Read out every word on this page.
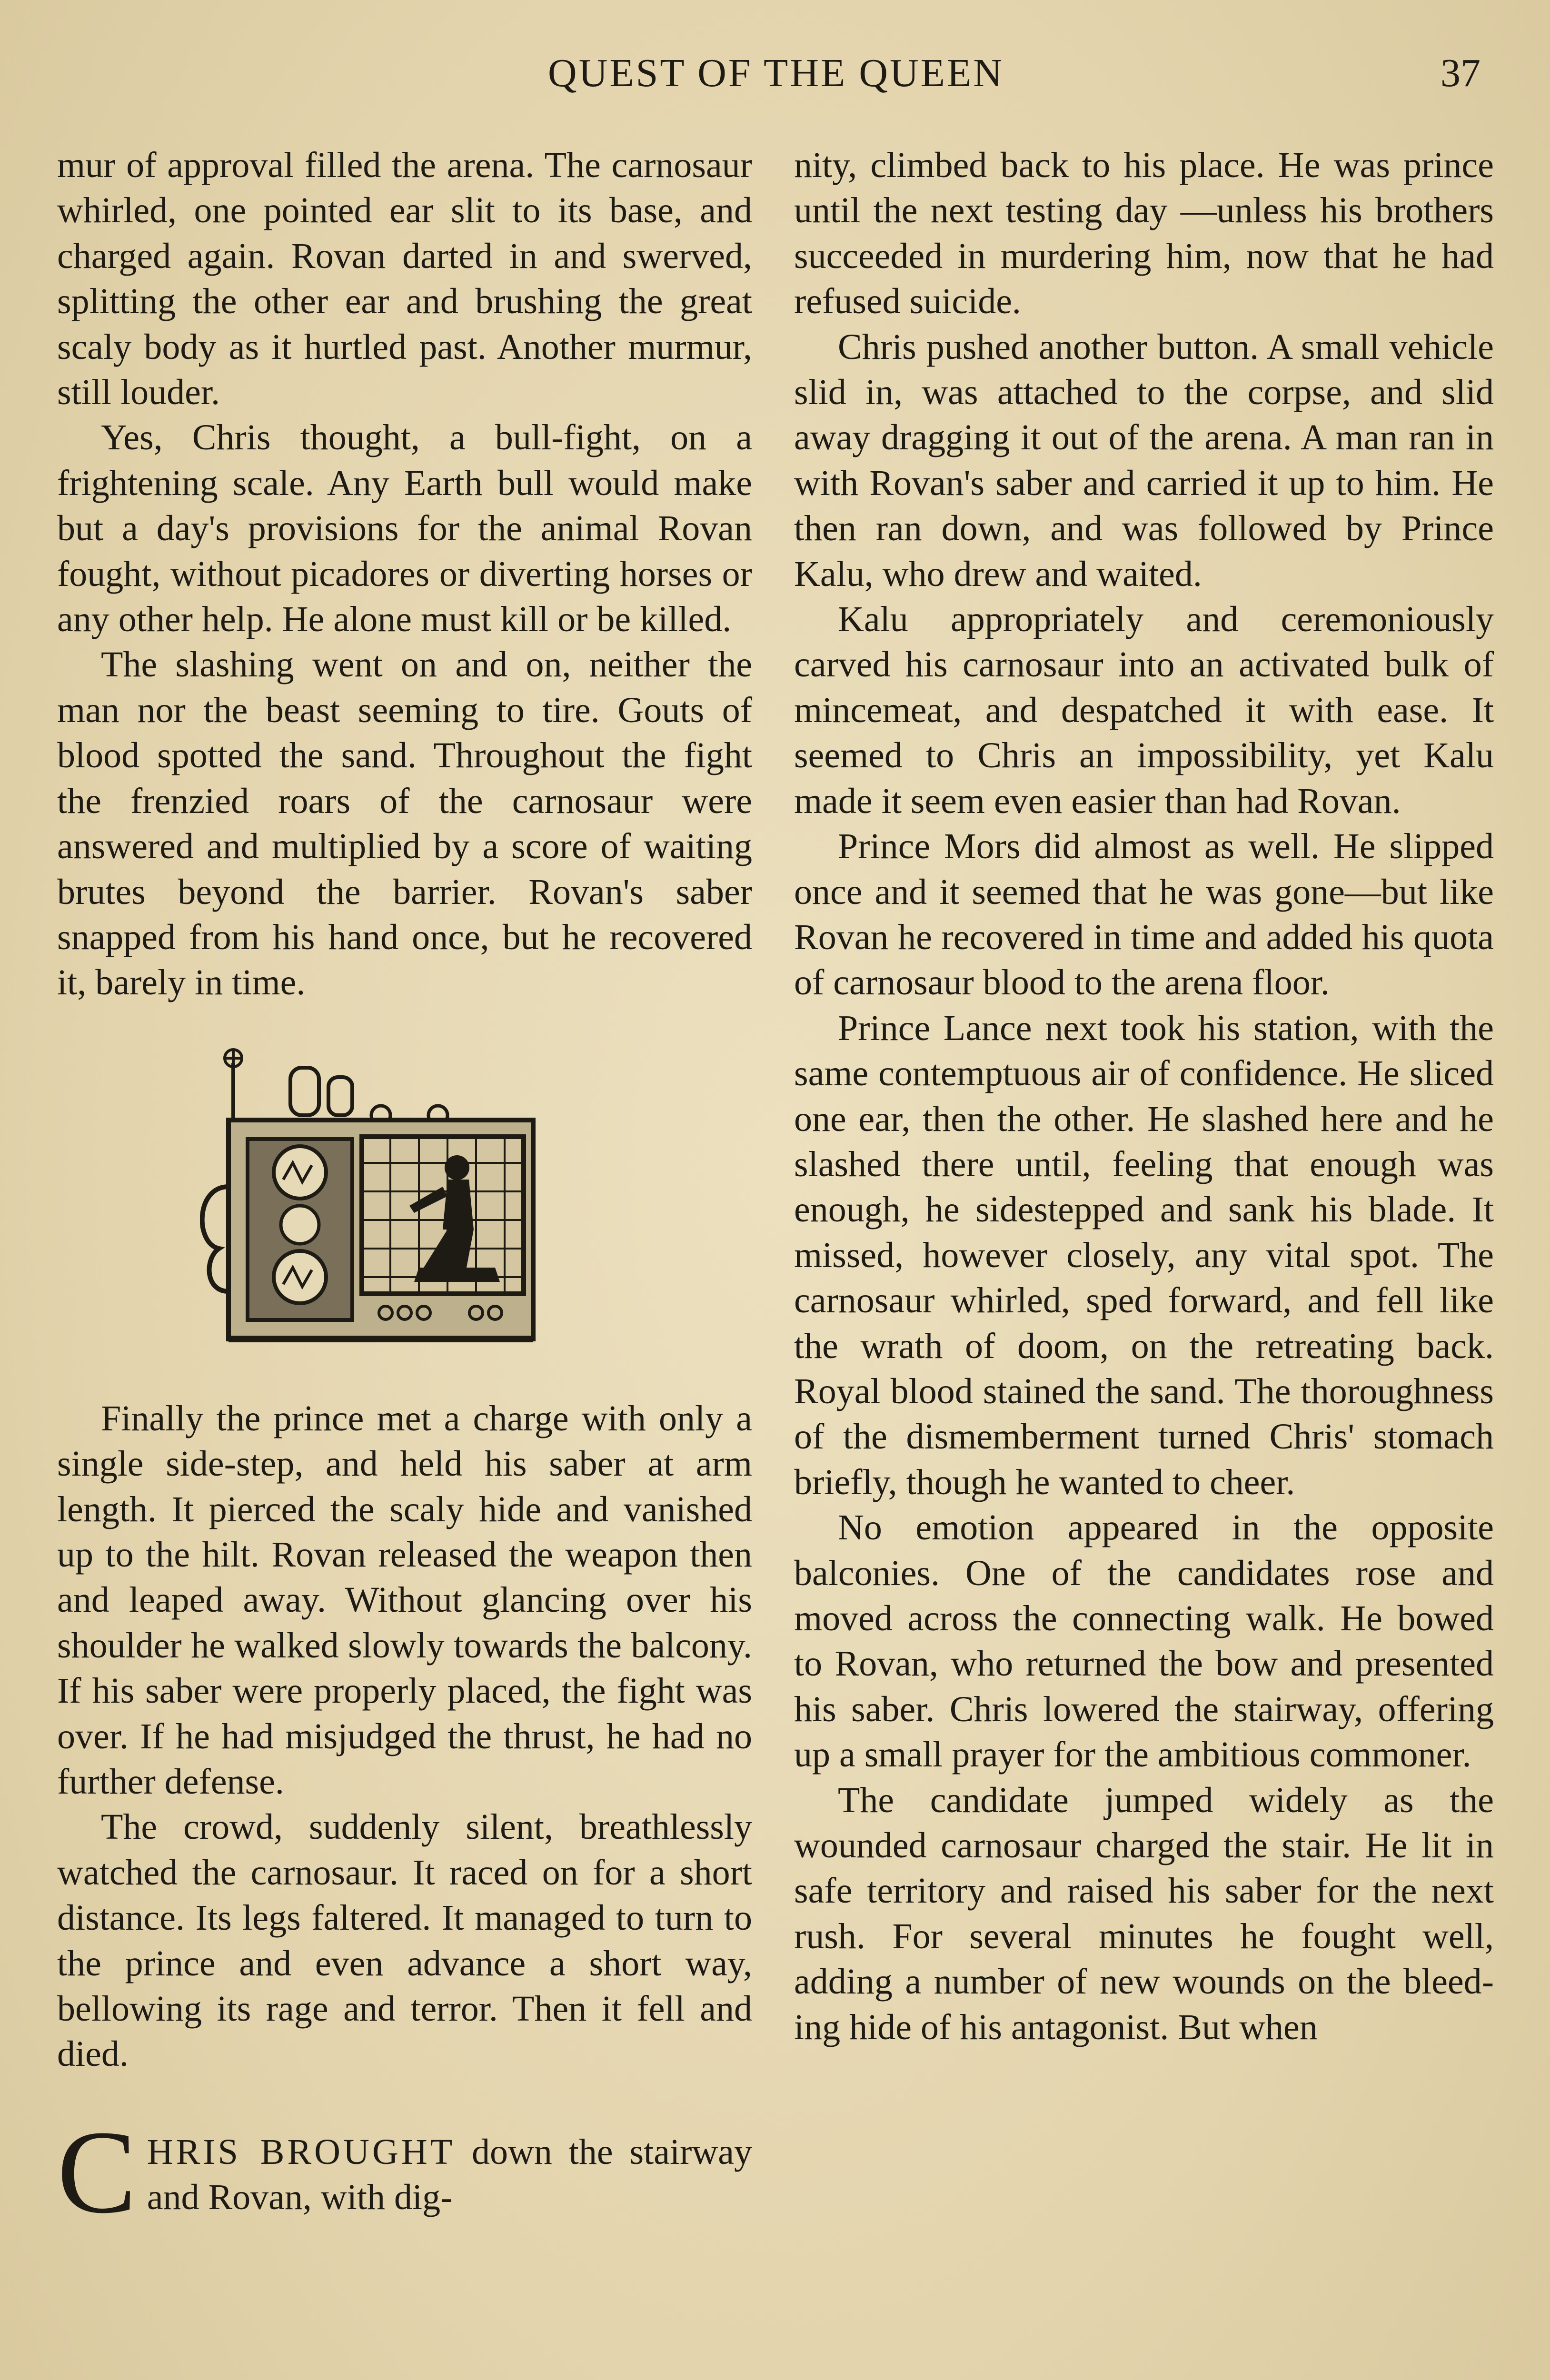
QUEST OF THE QUEEN	37

mur of approval filled the arena. The carnosaur whirled, one pointed ear slit to its base, and charged again. Rovan darted in and swerved, splitting the other ear and brushing the great scaly body as it hurtled past. Another murmur, still louder.

Yes, Chris thought, a bull-fight, on a frightening scale. Any Earth bull would make but a day's provisions for the animal Rovan fought, without picadores or diverting horses or any other help. He alone must kill or be killed.

The slashing went on and on, neither the man nor the beast seeming to tire. Gouts of blood spotted the sand. Throughout the fight the frenzied roars of the carnosaur were answered and multiplied by a score of waiting brutes beyond the barrier. Rovan's saber snapped from his hand once, but he recovered it, barely in time.

Finally the prince met a charge with only a single side-step, and held his saber at arm length. It pierced the scaly hide and vanished up to the hilt. Rovan released the weapon then and leaped away. Without glancing over his shoulder he walked slowly towards the balcony. If his saber were properly placed, the fight was over. If he had misjudged the thrust, he had no further defense.

The crowd, suddenly silent, breathlessly watched the carnosaur. It raced on for a short distance. Its legs faltered. It managed to turn to the prince and even advance a short way, bellowing its rage and terror. Then it fell and died.

CHRIS BROUGHT down the stairway and Rovan, with dig-

nity, climbed back to his place. He was prince until the next testing day —unless his brothers succeeded in murdering him, now that he had refused suicide.

Chris pushed another button. A small vehicle slid in, was attached to the corpse, and slid away dragging it out of the arena. A man ran in with Rovan's saber and carried it up to him. He then ran down, and was followed by Prince Kalu, who drew and waited.

Kalu appropriately and ceremoniously carved his carnosaur into an activated bulk of mincemeat, and despatched it with ease. It seemed to Chris an impossibility, yet Kalu made it seem even easier than had Rovan.

Prince Mors did almost as well. He slipped once and it seemed that he was gone—but like Rovan he recovered in time and added his quota of carnosaur blood to the arena floor.

Prince Lance next took his station, with the same contemptuous air of confidence. He sliced one ear, then the other. He slashed here and he slashed there until, feeling that enough was enough, he sidestepped and sank his blade. It missed, however closely, any vital spot. The carnosaur whirled, sped forward, and fell like the wrath of doom, on the retreating back. Royal blood stained the sand. The thoroughness of the dismemberment turned Chris' stomach briefly, though he wanted to cheer.

No emotion appeared in the opposite balconies. One of the candidates rose and moved across the connecting walk. He bowed to Rovan, who returned the bow and presented his saber. Chris lowered the stairway, offering up a small prayer for the ambitious commoner.

The candidate jumped widely as the wounded carnosaur charged the stair. He lit in safe territory and raised his saber for the next rush. For several minutes he fought well, adding a number of new wounds on the bleeding hide of his antagonist. But when
